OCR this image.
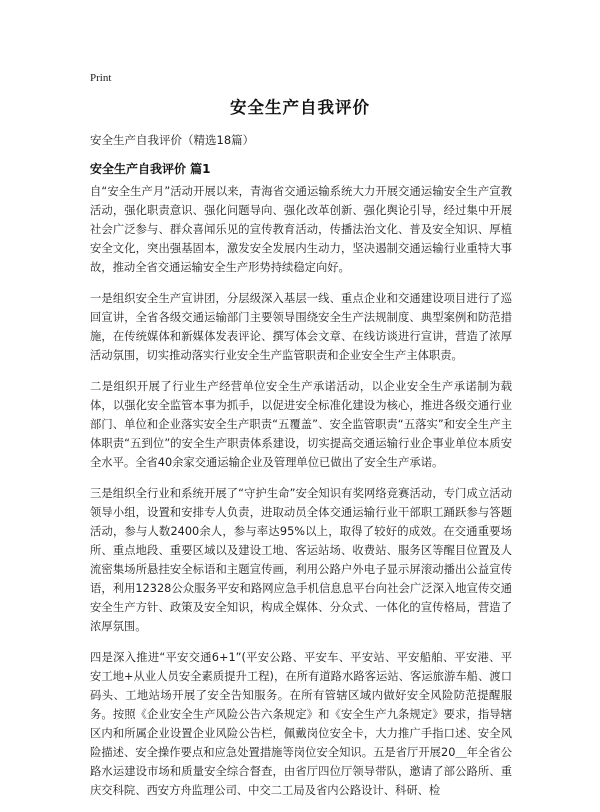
Print
安全生产自我评价
安全生产自我评价（精选18篇）
安全生产自我评价 篇1

自“安全生产月”活动开展以来，青海省交通运输系统大力开展交通运输安全生产宣教活动，强化职责意识、强化问题导向、强化改革创新、强化舆论引导，经过集中开展社会广泛参与、群众喜闻乐见的宣传教育活动，传播法治文化、普及安全知识、厚植安全文化，突出强基固本，激发安全发展内生动力，坚决遏制交通运输行业重特大事故，推动全省交通运输安全生产形势持续稳定向好。

一是组织安全生产宣讲团，分层级深入基层一线、重点企业和交通建设项目进行了巡回宣讲，全省各级交通运输部门主要领导围绕安全生产法规制度、典型案例和防范措施，在传统媒体和新媒体发表评论、撰写体会文章、在线访谈进行宣讲，营造了浓厚活动氛围，切实推动落实行业安全生产监管职责和企业安全生产主体职责。

二是组织开展了行业生产经营单位安全生产承诺活动，以企业安全生产承诺制为载体，以强化安全监管本事为抓手，以促进安全标准化建设为核心，推进各级交通行业部门、单位和企业落实安全生产职责“五覆盖”、安全监管职责“五落实”和安全生产主体职责“五到位”的安全生产职责体系建设，切实提高交通运输行业企事业单位本质安全水平。全省40余家交通运输企业及管理单位已做出了安全生产承诺。

三是组织全行业和系统开展了“守护生命”安全知识有奖网络竞赛活动，专门成立活动领导小组，设置和安排专人负责，进取动员全体交通运输行业干部职工踊跃参与答题活动，参与人数2400余人，参与率达95%以上，取得了较好的成效。在交通重要场所、重点地段、重要区域以及建设工地、客运站场、收费站、服务区等醒目位置及人流密集场所悬挂安全标语和主题宣传画，利用公路户外电子显示屏滚动播出公益宣传语，利用12328公众服务平安和路网应急手机信息息平台向社会广泛深入地宣传交通安全生产方针、政策及安全知识，构成全媒体、分众式、一体化的宣传格局，营造了浓厚氛围。

四是深入推进“平安交通6+1”(平安公路、平安车、平安站、平安船舶、平安港、平安工地+从业人员安全素质提升工程)，在所有道路水路客运站、客运旅游车船、渡口码头、工地站场开展了安全告知服务。在所有管辖区域内做好安全风险防范提醒服务。按照《企业安全生产风险公告六条规定》和《安全生产九条规定》要求，指导辖区内和所属企业设置企业风险公告栏，佩戴岗位安全卡，大力推广手指口述、安全风险描述、安全操作要点和应急处置措施等岗位安全知识。五是省厅开展20＿年全省公路水运建设市场和质量安全综合督查，由省厅四位厅领导带队，邀请了部公路所、重庆交科院、西安方舟监理公司、中交二工局及省内公路设计、科研、检
